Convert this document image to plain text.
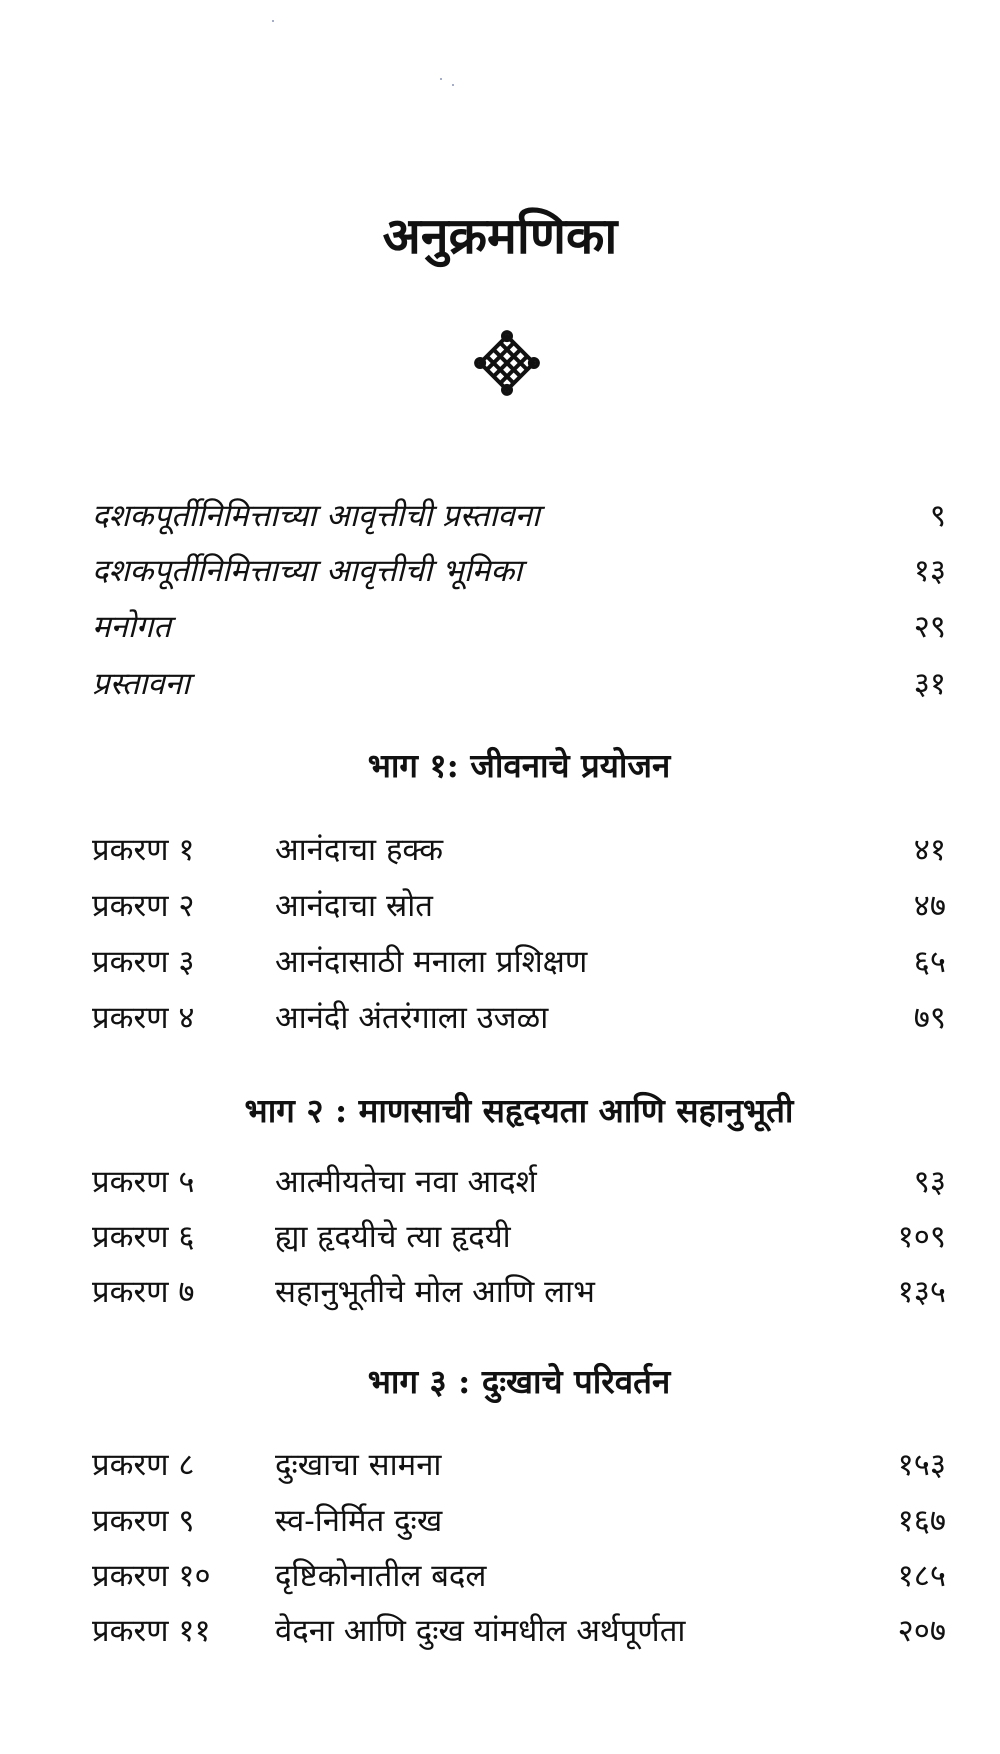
अनुक्रमणिका
दशकपूर्तीनिमित्ताच्या आवृत्तीची प्रस्तावना	९
दशकपूर्तीनिमित्ताच्या आवृत्तीची भूमिका	१३
मनोगत	२९
प्रस्तावना	३१
भाग १: जीवनाचे प्रयोजन
प्रकरण १	आनंदाचा हक्क	४१
प्रकरण २	आनंदाचा स्रोत	४७
प्रकरण ३	आनंदासाठी मनाला प्रशिक्षण	६५
प्रकरण ४	आनंदी अंतरंगाला उजळा	७९
भाग २ : माणसाची सहृदयता आणि सहानुभूती
प्रकरण ५	आत्मीयतेचा नवा आदर्श	९३
प्रकरण ६	ह्या हृदयीचे त्या हृदयी	१०९
प्रकरण ७	सहानुभूतीचे मोल आणि लाभ	१३५
भाग ३ : दुःखाचे परिवर्तन
प्रकरण ८	दुःखाचा सामना	१५३
प्रकरण ९	स्व-निर्मित दुःख	१६७
प्रकरण १० दृष्टिकोनातील बदल	१८५
प्रकरण ११ वेदना आणि दुःख यांमधील अर्थपूर्णता	२०७
